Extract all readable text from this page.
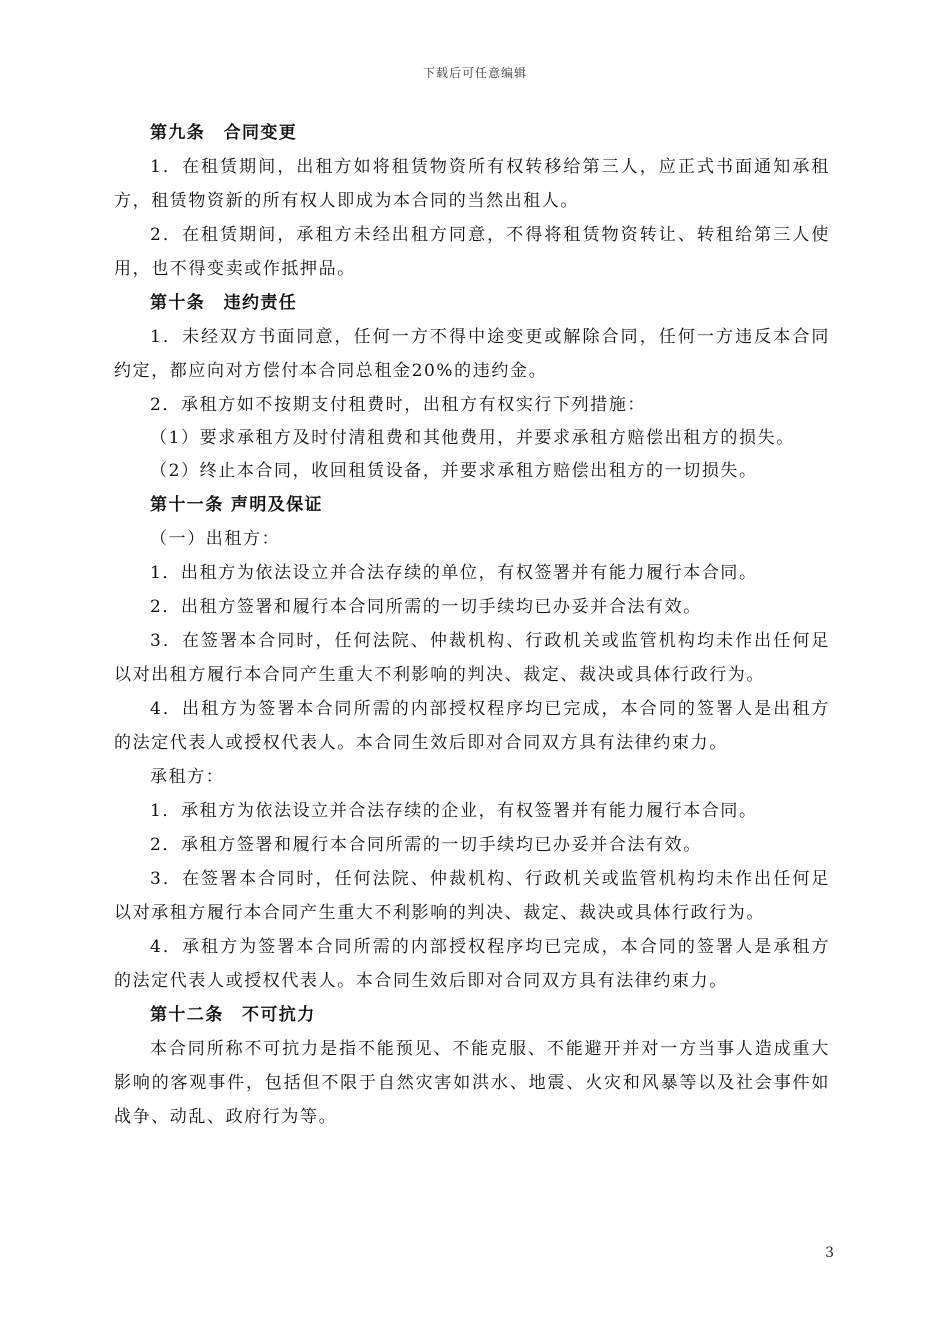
下载后可任意编辑

第九条　合同变更

1．在租赁期间，出租方如将租赁物资所有权转移给第三人，应正式书面通知承租方，租赁物资新的所有权人即成为本合同的当然出租人。

2．在租赁期间，承租方未经出租方同意，不得将租赁物资转让、转租给第三人使用，也不得变卖或作抵押品。

第十条　违约责任

1．未经双方书面同意，任何一方不得中途变更或解除合同，任何一方违反本合同约定，都应向对方偿付本合同总租金20%的违约金。

2．承租方如不按期支付租费时，出租方有权实行下列措施：

（1）要求承租方及时付清租费和其他费用，并要求承租方赔偿出租方的损失。

（2）终止本合同，收回租赁设备，并要求承租方赔偿出租方的一切损失。

第十一条 声明及保证

（一）出租方：

1．出租方为依法设立并合法存续的单位，有权签署并有能力履行本合同。

2．出租方签署和履行本合同所需的一切手续均已办妥并合法有效。

3．在签署本合同时，任何法院、仲裁机构、行政机关或监管机构均未作出任何足以对出租方履行本合同产生重大不利影响的判决、裁定、裁决或具体行政行为。

4．出租方为签署本合同所需的内部授权程序均已完成，本合同的签署人是出租方的法定代表人或授权代表人。本合同生效后即对合同双方具有法律约束力。

承租方：

1．承租方为依法设立并合法存续的企业，有权签署并有能力履行本合同。

2．承租方签署和履行本合同所需的一切手续均已办妥并合法有效。

3．在签署本合同时，任何法院、仲裁机构、行政机关或监管机构均未作出任何足以对承租方履行本合同产生重大不利影响的判决、裁定、裁决或具体行政行为。

4．承租方为签署本合同所需的内部授权程序均已完成，本合同的签署人是承租方的法定代表人或授权代表人。本合同生效后即对合同双方具有法律约束力。

第十二条　不可抗力

本合同所称不可抗力是指不能预见、不能克服、不能避开并对一方当事人造成重大影响的客观事件，包括但不限于自然灾害如洪水、地震、火灾和风暴等以及社会事件如战争、动乱、政府行为等。

3
